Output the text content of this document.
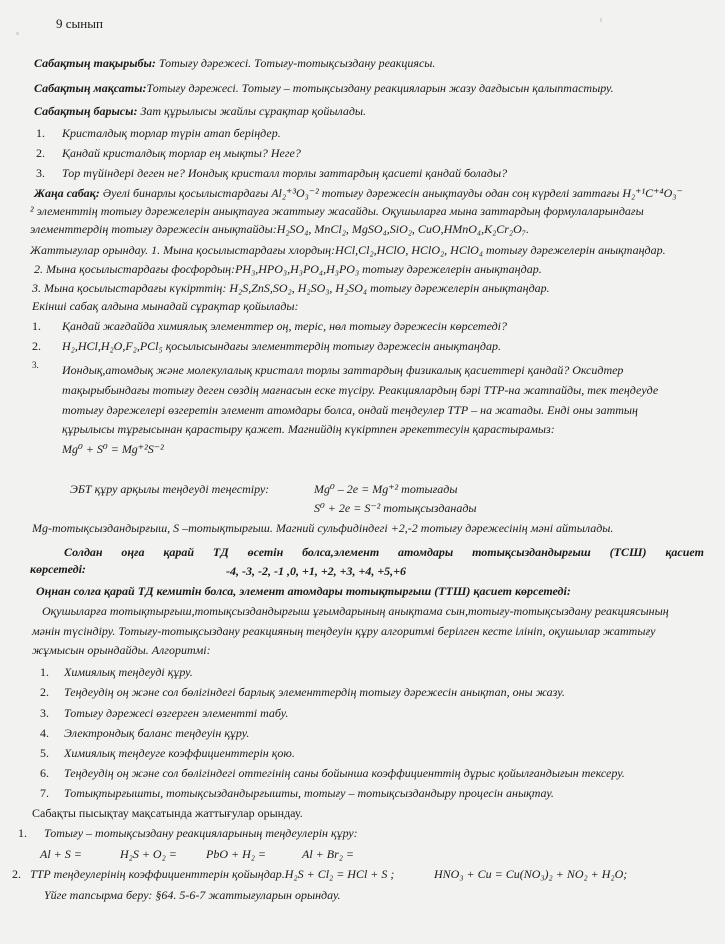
9 сынып
Сабақтың тақырыбы: Тотығу дәрежесі. Тотығу-тотықсыздану реакциясы.
Сабақтың мақсаты:Тотығу дәрежесі. Тотығу – тотықсыздану реакцияларын жазу дағдысын қалыптастыру.
Сабақтың барысы: Зат құрылысы жайлы сұрақтар қойылады.
1. Кристалдық торлар түрін атап беріңдер.
2. Қандай кристалдық торлар ең мықты? Неге?
3. Тор түйіндері деген не? Иондық кристалл торлы заттардың қасиеті қандай болады?
Жаңа сабақ: Әуелі бинарлы қосылыстардағы Al₂⁺³O₃⁻² тотығу дәрежесін анықтауды одан соң күрделі заттағы H₂⁺¹C⁺⁴O₃⁻
² элементтің тотығу дәрежелерін анықтауға жаттығу жасайды. Оқушыларға мына заттардың формулаларындағы
элементтердің тотығу дәрежесін анықтайды:H₂SO₄, MnCl₂, MgSO₄,SiO₂, CuO,HMnO₄,K₂Cr₂O₇.
Жаттығулар орындау. 1. Мына қосылыстардағы хлордың:HCl,Cl₂,HClO, HClO₂, HClO₄ тотығу дәрежелерін анықтаңдар.
2. Мына қосылыстардағы фосфордың:PH₃,HPO₃,H₃PO₄,H₃PO₃ тотығу дәрежелерін анықтаңдар.
3. Мына қосылыстардағы күкірттің: H₂S,ZnS,SO₂, H₂SO₃, H₂SO₄ тотығу дәрежелерін анықтаңдар.
Екінші сабақ алдына мынадай сұрақтар қойылады:
1. Қандай жағдайда химиялық элементтер оң, теріс, нөл тотығу дәрежесін көрсетеді?
2. H₂,HCl,H₂O,F₂,PCl₅ қосылысындағы элементтердің тотығу дәрежесін анықтаңдар.
3. Иондық,атомдық және молекулалық кристалл торлы заттардың физикалық қасиеттері қандай? Оксидтер
тақырыбындағы тотығу деген сөздің мағнасын еске түсіру. Реакциялардың бәрі ТТР-на жатпайды, тек теңдеуде
тотығу дәрежелері өзгеретін элемент атомдары болса, ондай теңдеулер ТТР – на жатады. Енді оны заттың
құрылысы тұрғысынан қарастыру қажет. Магнийдің күкіртпен әрекеттесуін қарастырамыз:
Mg⁰ + S⁰ = Mg⁺²S⁻²
ЭБТ құру арқылы теңдеуді теңестіру:	Mg⁰ – 2e = Mg⁺² тотығады
S⁰ + 2e = S⁻² тотықсызданады
Mg-тотықсыздандырғыш, S –тотықтырғыш. Магний сульфидіндегі +2,-2 тотығу дәрежесінің мәні айтылады.
Солдан оңға қарай ТД өсетін болса,элемент атомдары тотықсыздандырғыш (ТСШ) қасиет
көрсетеді:	-4, -3, -2, -1 ,0, +1, +2, +3, +4, +5,+6
Оңнан солға қарай ТД кемитін болса, элемент атомдары тотықтырғыш (ТТШ) қасиет көрсетеді:
Оқушыларға тотықтырғыш,тотықсыздандырғыш ұғымдарының анықтама сын,тотығу-тотықсыздану реакциясының
мәнін түсіндіру. Тотығу-тотықсыздану реакцияның теңдеуін құру алгоритмі берілген кесте ілініп, оқушылар жаттығу
жұмысын орындайды. Алгоритмі:
1. Химиялық теңдеуді құру.
2. Теңдеудің оң және сол бөлігіндегі барлық элементтердің тотығу дәрежесін анықтап, оны жазу.
3. Тотығу дәрежесі өзгерген элементті табу.
4. Электрондық баланс теңдеуін құру.
5. Химиялық теңдеуге коэффициенттерін қою.
6. Теңдеудің оң және сол бөлігіндегі оттегінің саны бойынша коэффициенттің дұрыс қойылғандығын тексеру.
7. Тотықтырғышты, тотықсыздандырғышты, тотығу – тотықсыздандыру процесін анықтау.
Сабақты пысықтау мақсатында жаттығулар орындау.
1. Тотығу – тотықсыздану реакцияларының теңдеулерін құру:
Al + S =	H₂S + O₂ = PbO + H₂ =	Al + Br₂ =
2. ТТР теңдеулерінің коэффициенттерін қойыңдар.H₂S + Cl₂ = HCl + S ;	HNO₃ + Cu = Cu(NO₃)₂ + NO₂ + H₂O;
Үйге тапсырма беру: §64. 5-6-7 жаттығуларын орындау.
